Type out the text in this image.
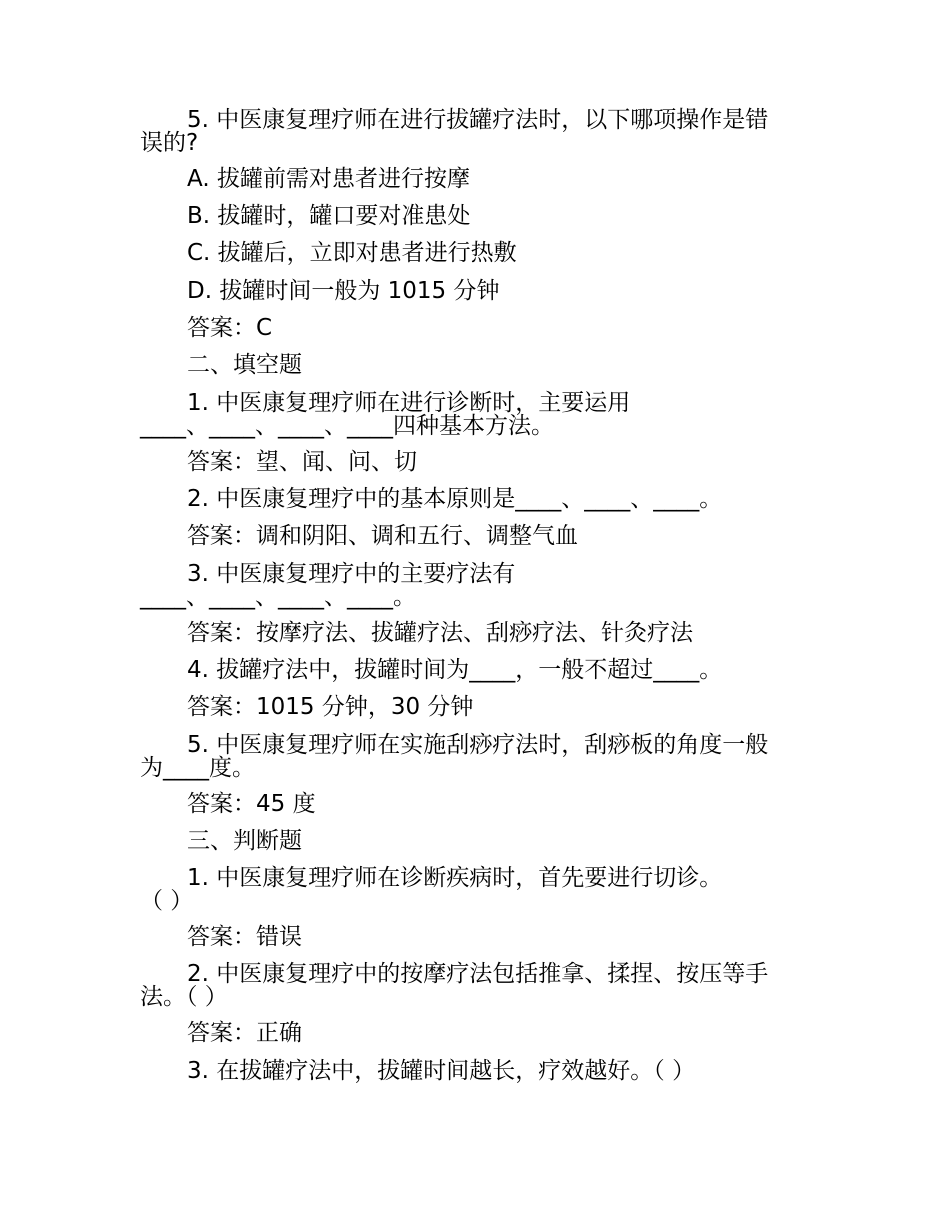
5. 中医康复理疗师在进行拔罐疗法时，以下哪项操作是错
误的?
A. 拔罐前需对患者进行按摩
B. 拔罐时，罐口要对准患处
C. 拔罐后，立即对患者进行热敷
D. 拔罐时间一般为 1015 分钟
答案：C
二、填空题
1. 中医康复理疗师在进行诊断时，主要运用
____、____、____、____四种基本方法。
答案：望、闻、问、切
2. 中医康复理疗中的基本原则是____、____、____。
答案：调和阴阳、调和五行、调整气血
3. 中医康复理疗中的主要疗法有
____、____、____、____。
答案：按摩疗法、拔罐疗法、刮痧疗法、针灸疗法
4. 拔罐疗法中，拔罐时间为____，一般不超过____。
答案：1015 分钟，30 分钟
5. 中医康复理疗师在实施刮痧疗法时，刮痧板的角度一般
为____度。
答案：45 度
三、判断题
1. 中医康复理疗师在诊断疾病时，首先要进行切诊。
（ ）
答案：错误
2. 中医康复理疗中的按摩疗法包括推拿、揉捏、按压等手
法。（ ）
答案：正确
3. 在拔罐疗法中，拔罐时间越长，疗效越好。（ ）
